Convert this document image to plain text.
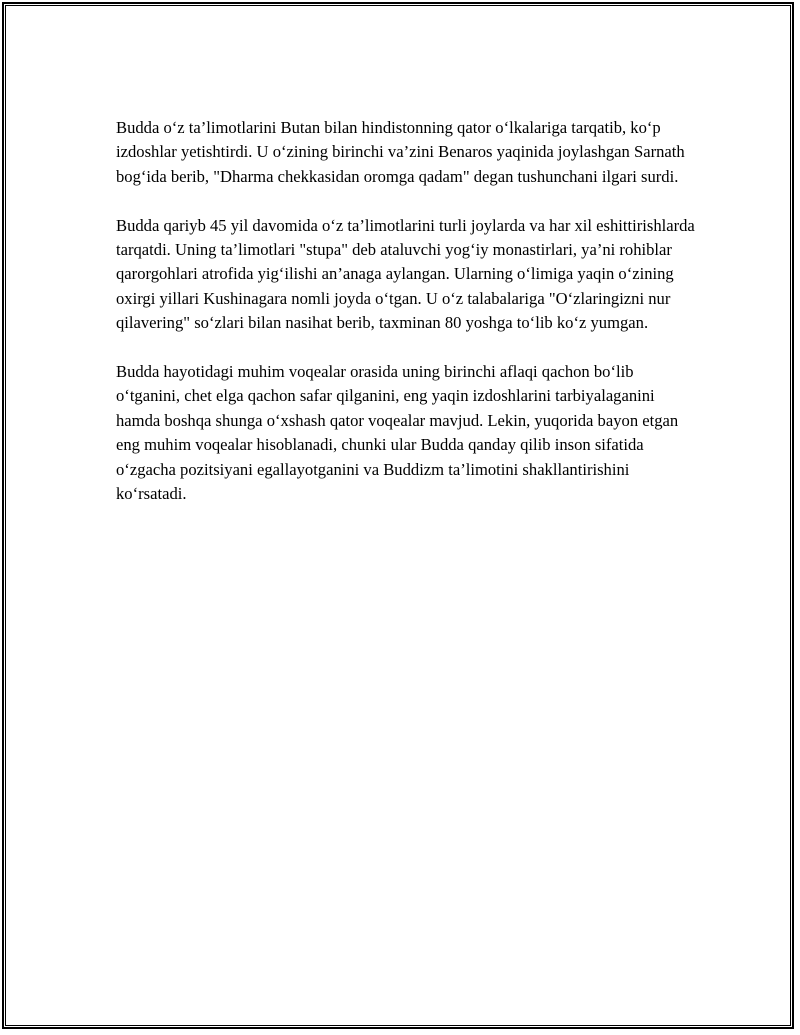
Budda o‘z ta’limotlarini Butan bilan hindistonning qator o‘lkalariga tarqatib, ko‘p izdoshlar yetishtirdi. U o‘zining birinchi va’zini Benaros yaqinida joylashgan Sarnath bog‘ida berib, "Dharma chekkasidan oromga qadam" degan tushunchani ilgari surdi.

Budda qariyb 45 yil davomida o‘z ta’limotlarini turli joylarda va har xil eshittirishlarda tarqatdi. Uning ta’limotlari "stupa" deb ataluvchi yog‘iy monastirlari, ya’ni rohiblar qarorgohlari atrofida yig‘ilishi an’anaga aylangan. Ularning o‘limiga yaqin o‘zining oxirgi yillari Kushinagara nomli joyda o‘tgan. U o‘z talabalariga "O‘zlaringizni nur qilavering" so‘zlari bilan nasihat berib, taxminan 80 yoshga to‘lib ko‘z yumgan.

Budda hayotidagi muhim voqealar orasida uning birinchi aflaqi qachon bo‘lib o‘tganini, chet elga qachon safar qilganini, eng yaqin izdoshlarini tarbiyalaganini hamda boshqa shunga o‘xshash qator voqealar mavjud. Lekin, yuqorida bayon etgan eng muhim voqealar hisoblanadi, chunki ular Budda qanday qilib inson sifatida o‘zgacha pozitsiyani egallayotganini va Buddizm ta’limotini shakllantirishini ko‘rsatadi.
